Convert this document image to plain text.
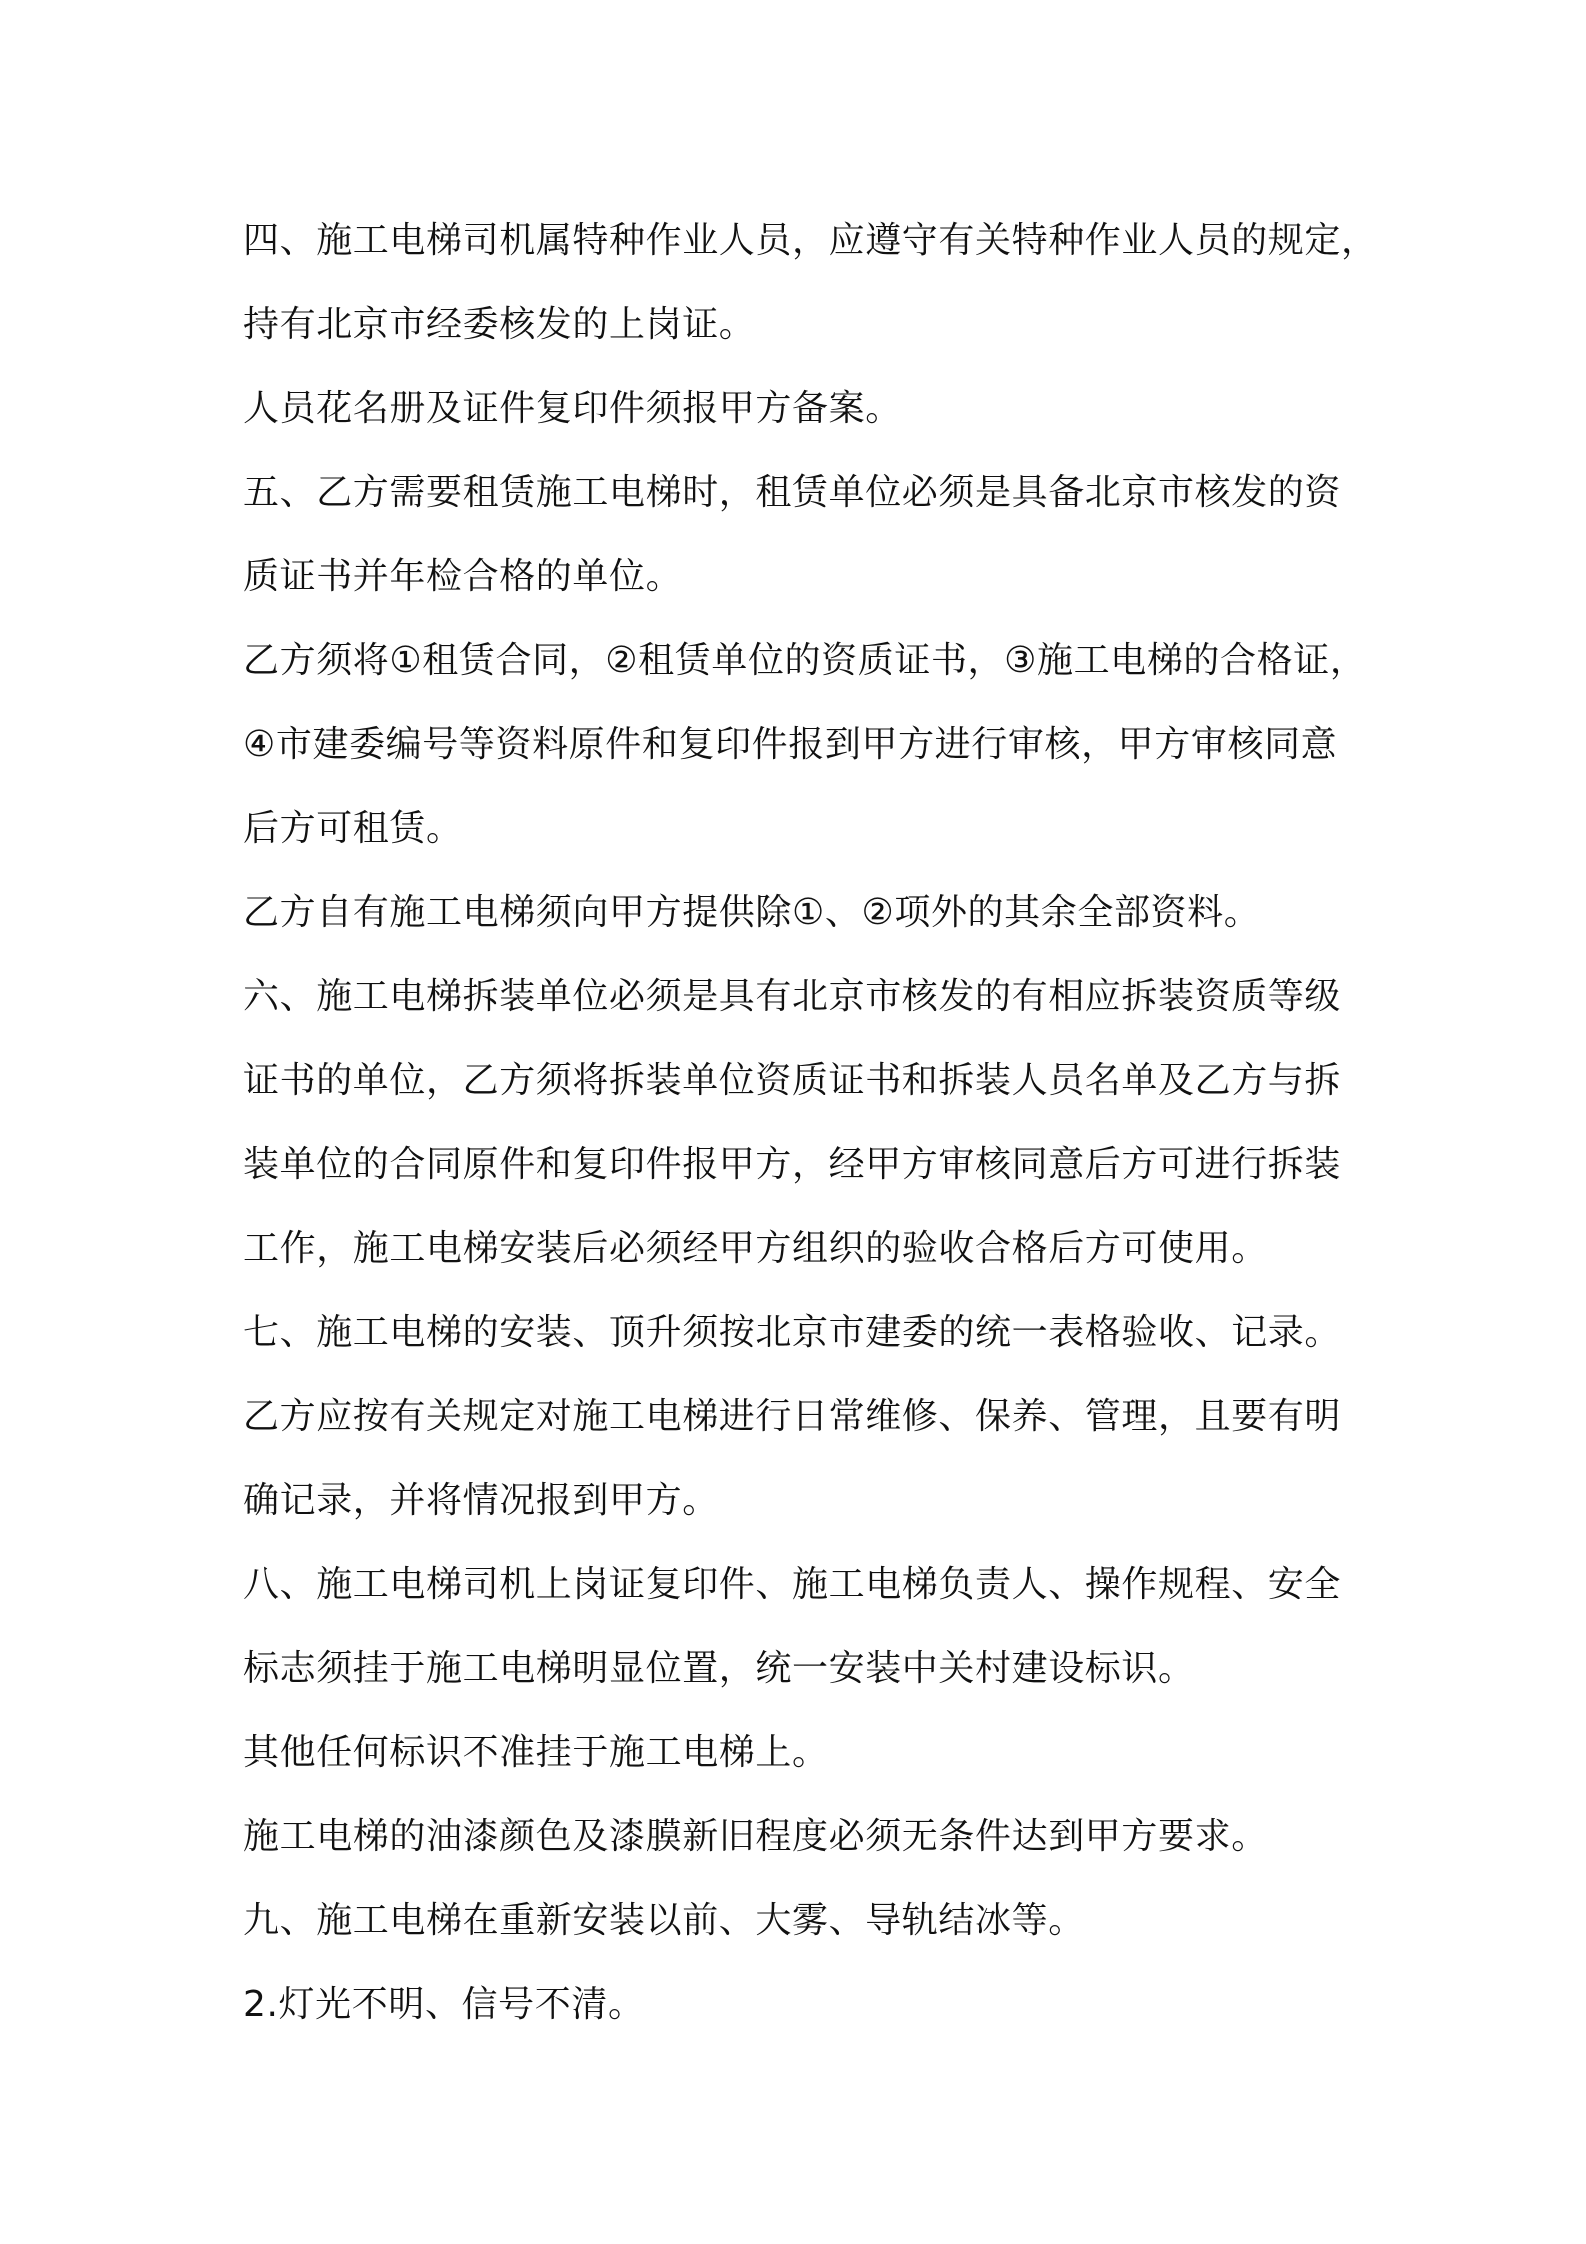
四、施工电梯司机属特种作业人员，应遵守有关特种作业人员的规定，
持有北京市经委核发的上岗证。
人员花名册及证件复印件须报甲方备案。
五、乙方需要租赁施工电梯时，租赁单位必须是具备北京市核发的资
质证书并年检合格的单位。
乙方须将①租赁合同，②租赁单位的资质证书，③施工电梯的合格证，
④市建委编号等资料原件和复印件报到甲方进行审核，甲方审核同意
后方可租赁。
乙方自有施工电梯须向甲方提供除①、②项外的其余全部资料。
六、施工电梯拆装单位必须是具有北京市核发的有相应拆装资质等级
证书的单位，乙方须将拆装单位资质证书和拆装人员名单及乙方与拆
装单位的合同原件和复印件报甲方，经甲方审核同意后方可进行拆装
工作，施工电梯安装后必须经甲方组织的验收合格后方可使用。
七、施工电梯的安装、顶升须按北京市建委的统一表格验收、记录。
乙方应按有关规定对施工电梯进行日常维修、保养、管理，且要有明
确记录，并将情况报到甲方。
八、施工电梯司机上岗证复印件、施工电梯负责人、操作规程、安全
标志须挂于施工电梯明显位置，统一安装中关村建设标识。
其他任何标识不准挂于施工电梯上。
施工电梯的油漆颜色及漆膜新旧程度必须无条件达到甲方要求。
九、施工电梯在重新安装以前、大雾、导轨结冰等。
2.灯光不明、信号不清。
